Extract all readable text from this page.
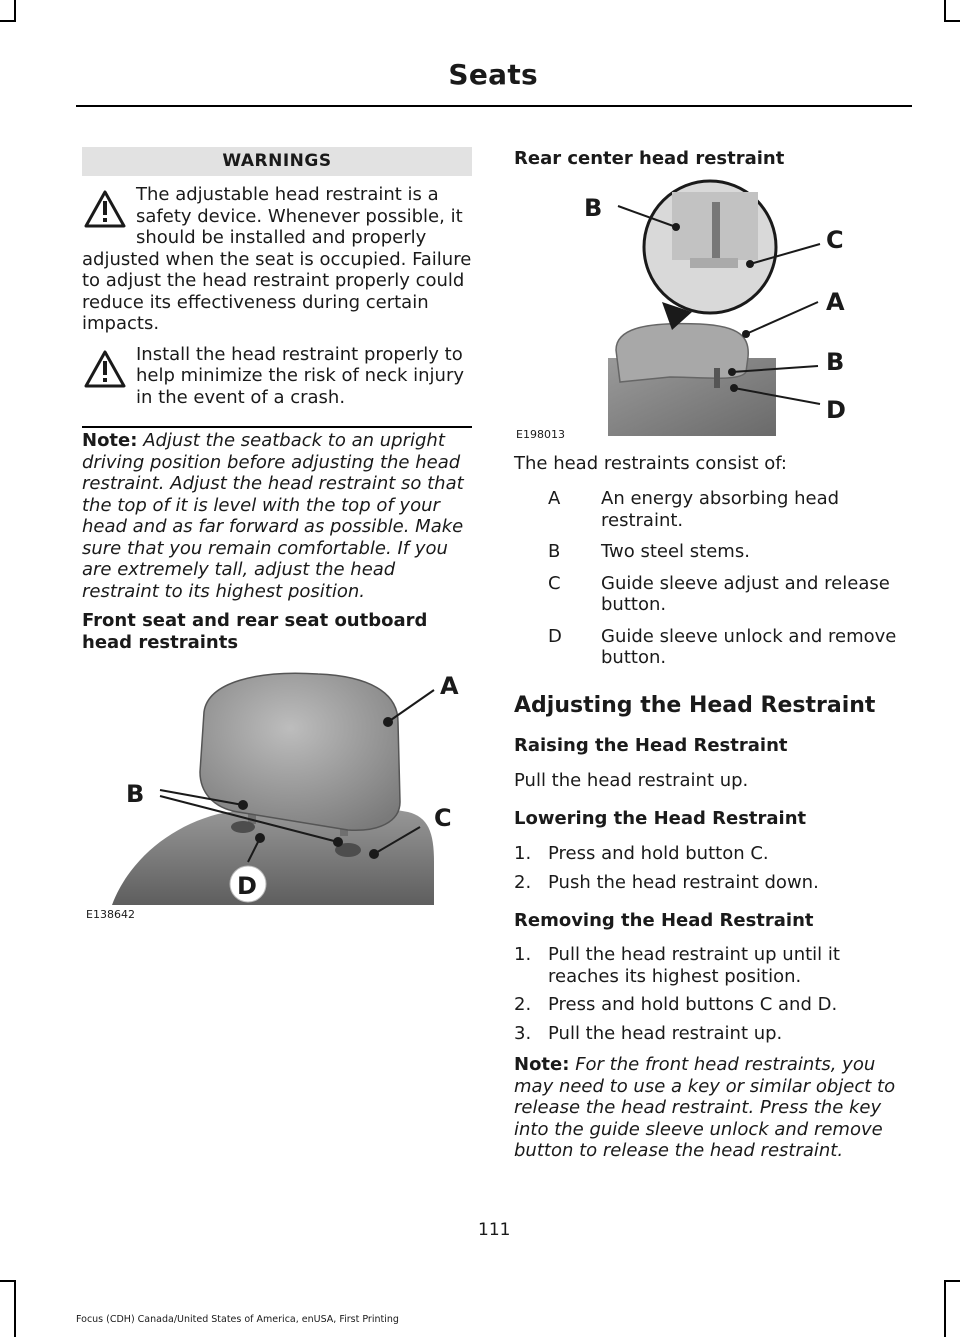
Seats
WARNINGS
The adjustable head restraint is a safety device. Whenever possible, it should be installed and properly
adjusted when the seat is occupied. Failure to adjust the head restraint properly could reduce its effectiveness during certain impacts.
Install the head restraint properly to help minimize the risk of neck injury in the event of a crash.
Note: Adjust the seatback to an upright driving position before adjusting the head restraint. Adjust the head restraint so that the top of it is level with the top of your head and as far forward as possible. Make sure that you remain comfortable. If you are extremely tall, adjust the head restraint to its highest position.
Front seat and rear seat outboard head restraints
A
B
C
D
E138642
Rear center head restraint
B
C
A
B
D
E198013
The head restraints consist of:
A	An energy absorbing head restraint.
B	Two steel stems.
C	Guide sleeve adjust and release button.
D	Guide sleeve unlock and remove button.
Adjusting the Head Restraint
Raising the Head Restraint
Pull the head restraint up.
Lowering the Head Restraint
1. Press and hold button C.
2. Push the head restraint down.
Removing the Head Restraint
1. Pull the head restraint up until it reaches its highest position.
2. Press and hold buttons C and D.
3. Pull the head restraint up.
Note: For the front head restraints, you may need to use a key or similar object to release the head restraint. Press the key into the guide sleeve unlock and remove button to release the head restraint.
111
Focus (CDH) Canada/United States of America, enUSA, First Printing
